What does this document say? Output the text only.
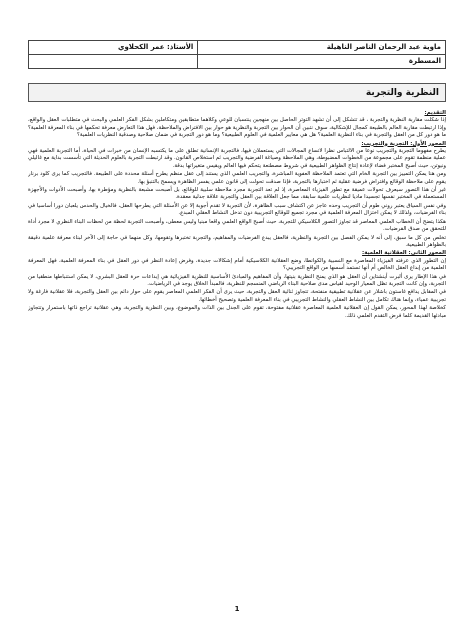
ماوية عبد الرحمان الناصر الناهيلة	الأستاذ: عمر الكحلاوي
المسطرة	
النظرية والتجربة

التقديم:

إذا شكلت مقاربة النظرية والتجربة ، قد تتشكل إلى أن تشهد التوتر الحاصل بين منهجين ينتسبان للوعي وكلاهما متطابقين ومتكاملين بشكل الفكر العلمي والبحث في متطلبات العقل والواقع، وإذا ارتبطت مقاربة العالم بالطبيعة كمجال للإشكالية، سوف نتبين أن الحوار بين التجربة والنظرية هو حوار بين الافتراض والملاحظة، فهل هذا التعارض معرفة تحكمها في بناء المعرفة العلمية؟ ما هو دور كل من العقل والتجربة في بناء النظرية العلمية؟ هل هي معايير العلمية في العلوم الطبيعية؟ وما هو دور التجربة في ضمان صلاحية وصدقية النظريات العلمية؟

المحور الأول: التجربة والتجريب:

يطرح مفهوما التجربة والتجريب نوعا من الالتباس نظرا لاتساع المجالات التي يستعملان فيها، فالتجربة الإنسانية تطلق على ما يكتسبه الإنسان من خبرات في الحياة، أما التجربة العلمية فهي عملية منظمة تقوم على مجموعة من الخطوات المضبوطة، وهي الملاحظة وصياغة الفرضية والتجريب ثم استخلاص القانون. وقد ارتبطت التجربة بالعلوم الحديثة التي تأسست بداية مع غاليلي ونيوتن، حيث أصبح المختبر فضاء لإعادة إنتاج الظواهر الطبيعية في شروط مصطنعة يتحكم فيها العالم ويقيس متغيراتها بدقة.

ومن هنا يمكن التمييز بين التجربة الخام التي تعتمد الملاحظة العفوية المباشرة، والتجريب العلمي الذي يستند إلى عقل منظم يطرح أسئلة محددة على الطبيعة. فالتجريب كما يرى كلود برنار يقوم على ملاحظة الوقائع وافتراض فرضية عقلية ثم اختبارها بالتجربة، فإذا صدقت تحولت إلى قانون علمي يفسر الظاهرة ويسمح بالتنبؤ بها.

غير أن هذا التصور سيعرف تحولات عميقة مع تطور الفيزياء المعاصرة، إذ لم تعد التجربة مجرد ملاحظة سلبية للوقائع، بل أصبحت مشبعة بالنظرية ومؤطرة بها، وأصبحت الأدوات والأجهزة المستعملة في المختبر نفسها تجسيدا ماديا لنظريات علمية سابقة، مما جعل العلاقة بين العقل والتجربة علاقة جدلية معقدة.

وفي نفس السياق يعتبر روني طوم أن التجريب وحده عاجز عن اكتشاف سبب الظاهرة، لأن التجربة لا تقدم أجوبة إلا عن الأسئلة التي يطرحها العقل، فالخيال والحدس يلعبان دورا أساسيا في بناء الفرضيات، ولذلك لا يمكن اختزال المعرفة العلمية في مجرد تجميع للوقائع التجريبية دون تدخل النشاط العقلي المبدع.

هكذا يتضح أن الخطاب العلمي المعاصر قد تجاوز التصور الكلاسيكي للتجربة، حيث أصبح الواقع العلمي واقعا مبنيا وليس معطى، وأصبحت التجربة لحظة من لحظات البناء النظري لا مجرد أداة للتحقق من صدق الفرضيات.

تخلص من كل ما سبق، إلى أنه لا يمكن الفصل بين التجربة والنظرية، فالعقل يبدع الفرضيات والمفاهيم، والتجربة تختبرها وتقومها، وكل منهما في حاجة إلى الآخر لبناء معرفة علمية دقيقة بالظواهر الطبيعية.

المحور الثاني: العقلانية العلمية:

إن التطور الذي عرفته الفيزياء المعاصرة مع النسبية والكوانطا، وضع العقلانية الكلاسيكية أمام إشكالات جديدة، وفرض إعادة النظر في دور العقل في بناء المعرفة العلمية، فهل المعرفة العلمية من إبداع العقل الخالص أم أنها تستمد أسسها من الواقع التجريبي؟

في هذا الإطار يرى ألبرت أينشتاين أن العقل هو الذي يمنح النظرية بنيتها، وأن المفاهيم والمبادئ الأساسية للنظرية الفيزيائية هي إبداعات حرة للعقل البشري، لا يمكن استنباطها منطقيا من التجربة، وإن كانت التجربة تظل المعيار الوحيد لقياس مدى صلاحية البناء الرياضي المنسجم للنظرية، فالمبدأ الخلاق يوجد في الرياضيات.

في المقابل يدافع غاستون باشلار عن عقلانية تطبيقية منفتحة، تتجاوز ثنائية العقل والتجربة، حيث يرى أن الفكر العلمي المعاصر يقوم على حوار دائم بين العقل والتجربة، فلا عقلانية فارغة ولا تجريبية عمياء، وإنما هناك تكامل بين النشاط العقلي والنشاط التجريبي في بناء المعرفة العلمية وتصحيح أخطائها.

كخلاصة لهذا المحور، يمكن القول إن العقلانية العلمية المعاصرة عقلانية مفتوحة، تقوم على الجدل بين الذات والموضوع، وبين النظرية والتجربة، وهي عقلانية تراجع ذاتها باستمرار وتتجاوز مبادئها القديمة كلما فرض التقدم العلمي ذلك.

1
